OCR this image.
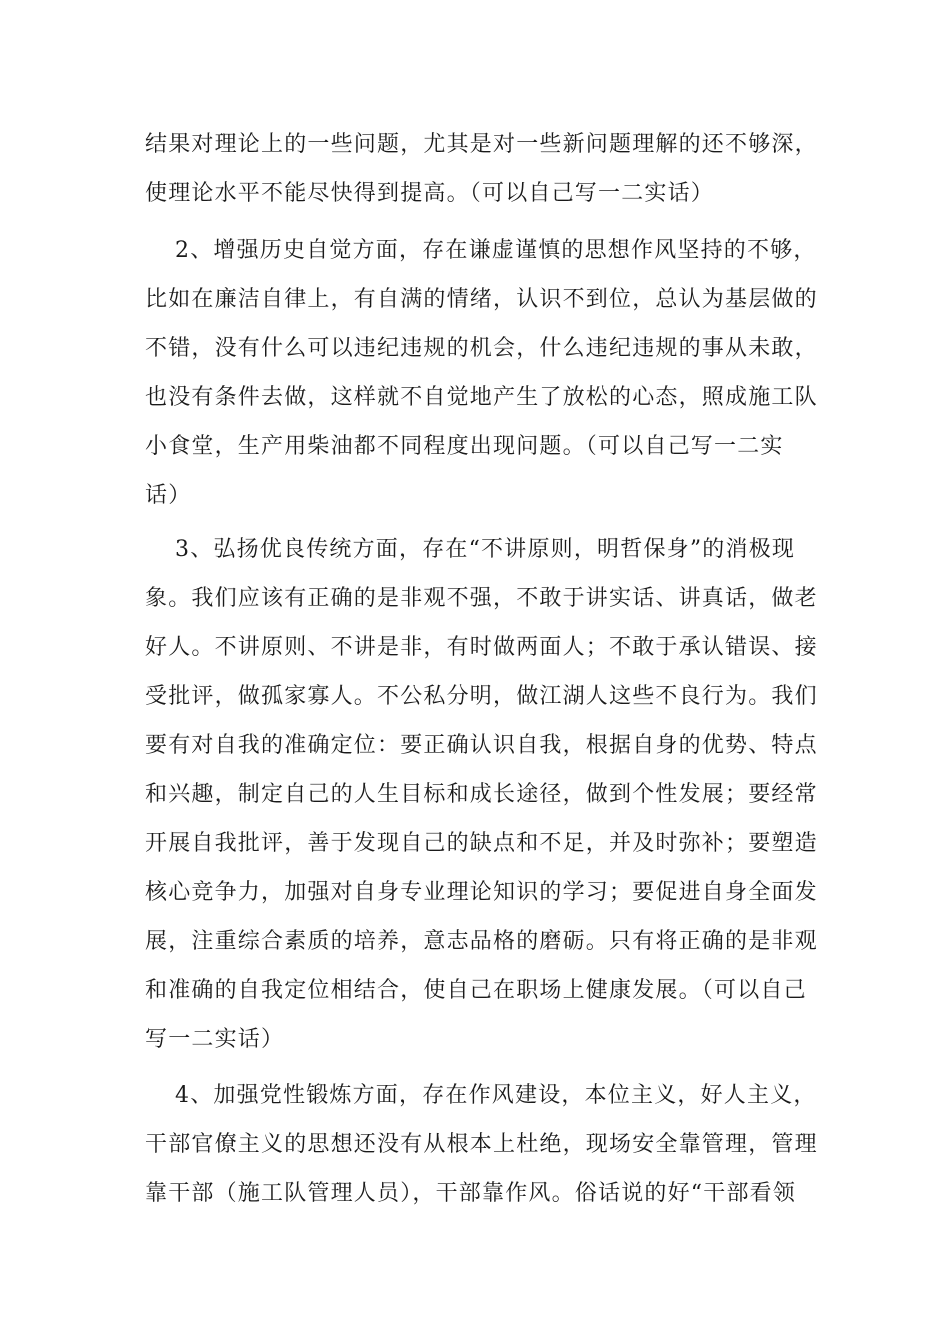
结果对理论上的一些问题，尤其是对一些新问题理解的还不够深，
使理论水平不能尽快得到提高。（可以自己写一二实话）
2、增强历史自觉方面，存在谦虚谨慎的思想作风坚持的不够，
比如在廉洁自律上，有自满的情绪，认识不到位，总认为基层做的
不错，没有什么可以违纪违规的机会，什么违纪违规的事从未敢，
也没有条件去做，这样就不自觉地产生了放松的心态，照成施工队
小食堂，生产用柴油都不同程度出现问题。（可以自己写一二实
话）
3、弘扬优良传统方面，存在“不讲原则，明哲保身”的消极现
象。我们应该有正确的是非观不强，不敢于讲实话、讲真话，做老
好人。不讲原则、不讲是非，有时做两面人；不敢于承认错误、接
受批评，做孤家寡人。不公私分明，做江湖人这些不良行为。我们
要有对自我的准确定位：要正确认识自我，根据自身的优势、特点
和兴趣，制定自己的人生目标和成长途径，做到个性发展；要经常
开展自我批评，善于发现自己的缺点和不足，并及时弥补；要塑造
核心竞争力，加强对自身专业理论知识的学习；要促进自身全面发
展，注重综合素质的培养，意志品格的磨砺。只有将正确的是非观
和准确的自我定位相结合，使自己在职场上健康发展。（可以自己
写一二实话）
4、加强党性锻炼方面，存在作风建设，本位主义，好人主义，
干部官僚主义的思想还没有从根本上杜绝，现场安全靠管理，管理
靠干部（施工队管理人员），干部靠作风。俗话说的好“干部看领
